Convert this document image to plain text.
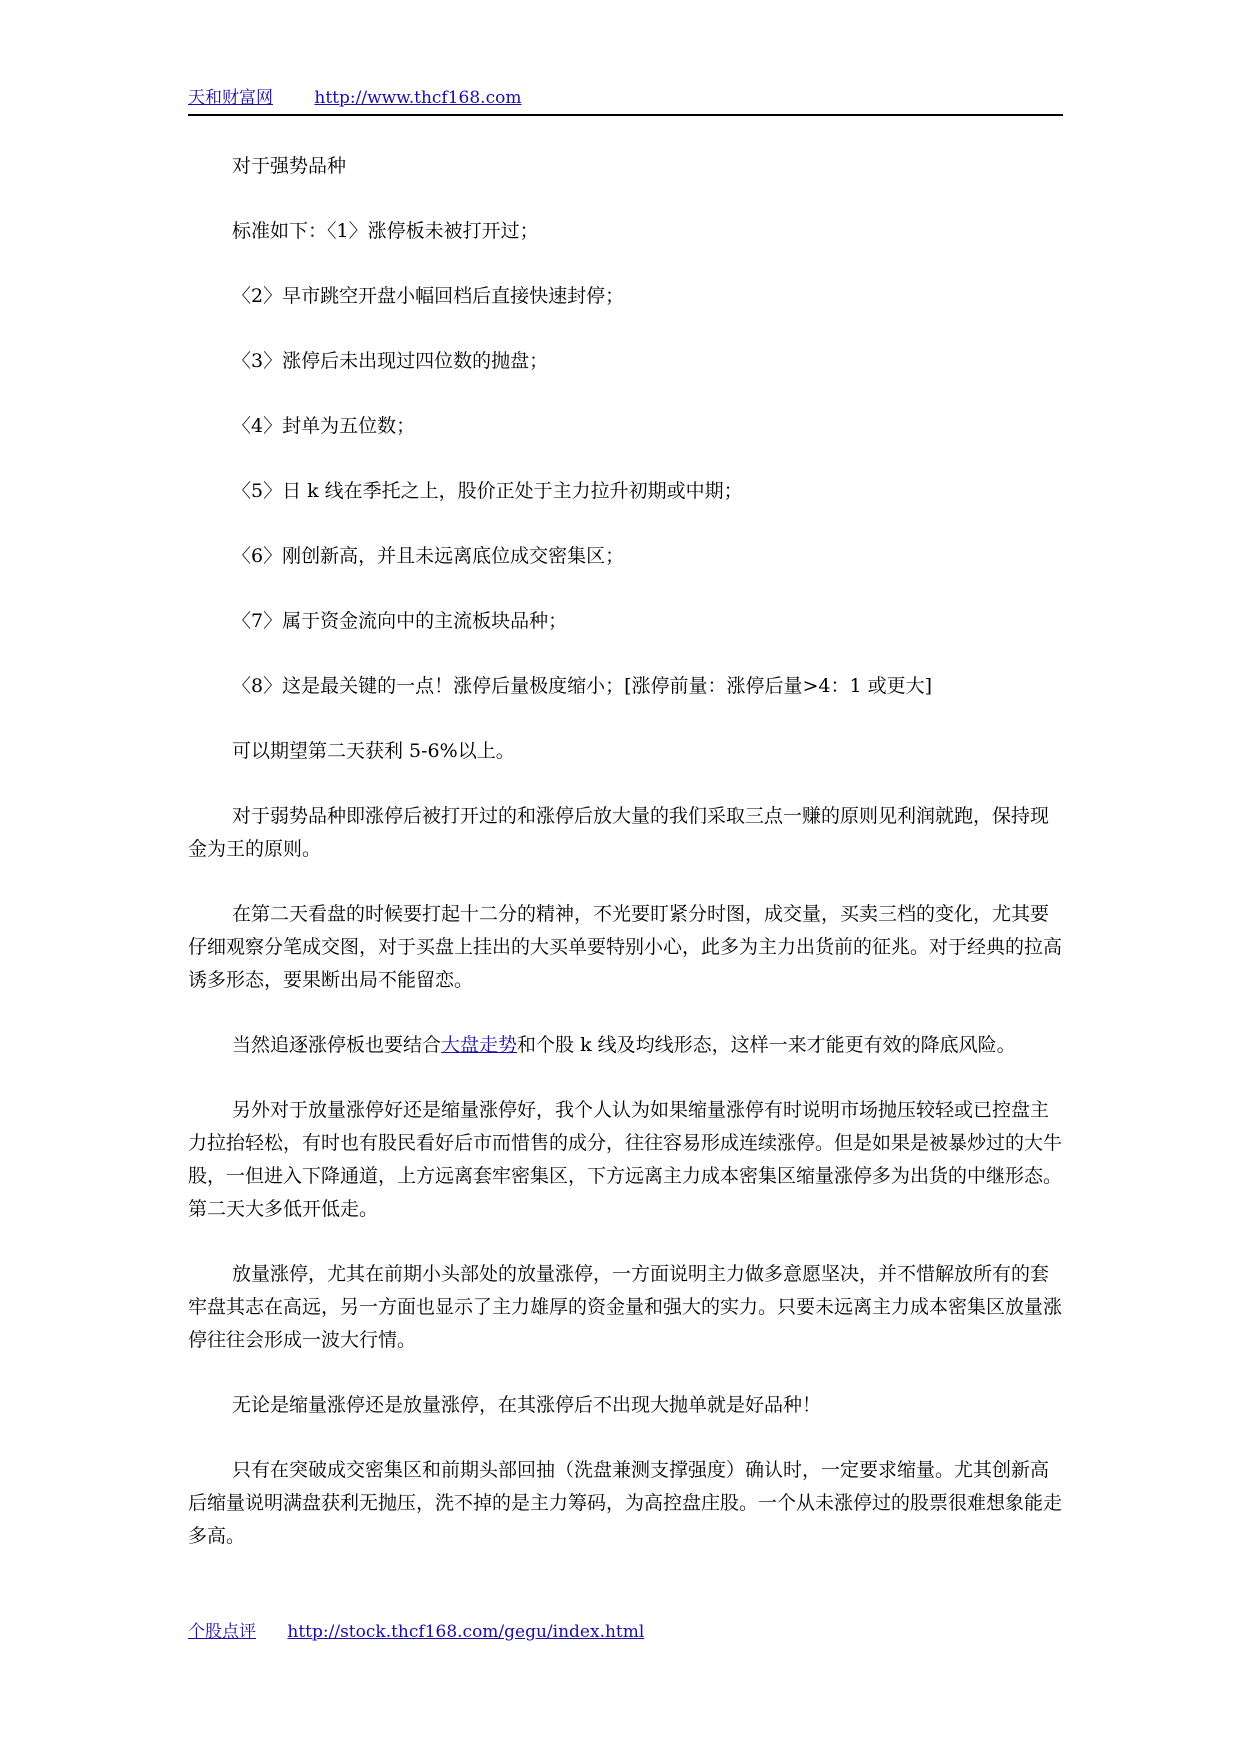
天和财富网 http://www.thcf168.com

对于强势品种

标准如下：〈1〉涨停板未被打开过；

〈2〉早市跳空开盘小幅回档后直接快速封停；

〈3〉涨停后未出现过四位数的抛盘；

〈4〉封单为五位数；

〈5〉日 k 线在季托之上，股价正处于主力拉升初期或中期；

〈6〉刚创新高，并且未远离底位成交密集区；

〈7〉属于资金流向中的主流板块品种；

〈8〉这是最关键的一点！涨停后量极度缩小；[涨停前量：涨停后量>4：1 或更大]

可以期望第二天获利 5-6%以上。

对于弱势品种即涨停后被打开过的和涨停后放大量的我们采取三点一赚的原则见利润就跑，保持现金为王的原则。

在第二天看盘的时候要打起十二分的精神，不光要盯紧分时图，成交量，买卖三档的变化，尤其要仔细观察分笔成交图，对于买盘上挂出的大买单要特别小心，此多为主力出货前的征兆。对于经典的拉高诱多形态，要果断出局不能留恋。

当然追逐涨停板也要结合大盘走势和个股 k 线及均线形态，这样一来才能更有效的降底风险。

另外对于放量涨停好还是缩量涨停好，我个人认为如果缩量涨停有时说明市场抛压较轻或已控盘主力拉抬轻松，有时也有股民看好后市而惜售的成分，往往容易形成连续涨停。但是如果是被暴炒过的大牛股，一但进入下降通道，上方远离套牢密集区，下方远离主力成本密集区缩量涨停多为出货的中继形态。第二天大多低开低走。

放量涨停，尤其在前期小头部处的放量涨停，一方面说明主力做多意愿坚决，并不惜解放所有的套牢盘其志在高远，另一方面也显示了主力雄厚的资金量和强大的实力。只要未远离主力成本密集区放量涨停往往会形成一波大行情。

无论是缩量涨停还是放量涨停，在其涨停后不出现大抛单就是好品种！

只有在突破成交密集区和前期头部回抽（洗盘兼测支撑强度）确认时，一定要求缩量。尤其创新高后缩量说明满盘获利无抛压，洗不掉的是主力筹码，为高控盘庄股。一个从未涨停过的股票很难想象能走多高。

个股点评 http://stock.thcf168.com/gegu/index.html
